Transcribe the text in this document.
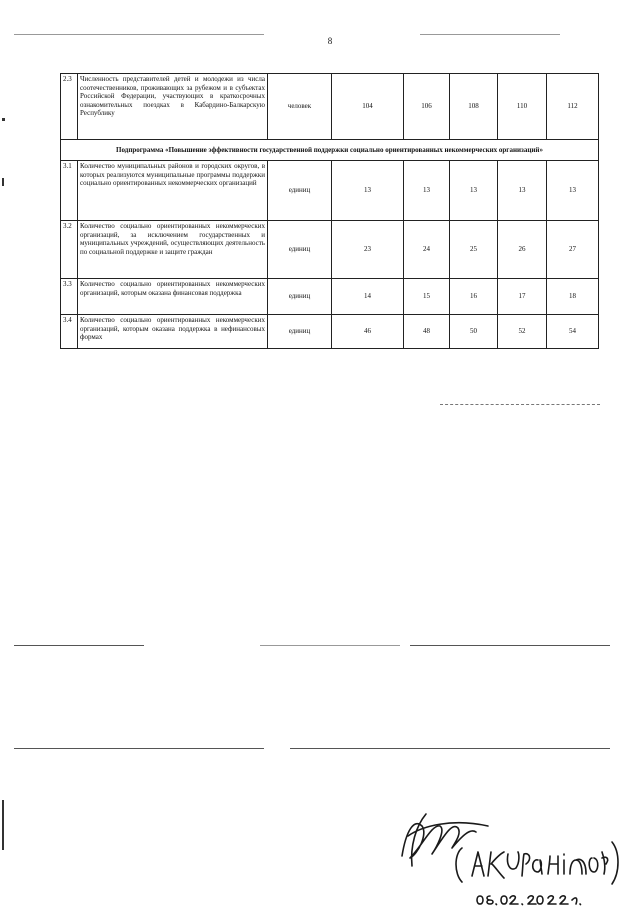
8
2.3	Численность представителей детей и молодежи из числа соотечественников, проживающих за рубежом и в субъектах Российской Федерации, участвующих в краткосрочных ознакомительных поездках в Кабардино-Балкарскую Республику	человек	104	106	108	110	112
Подпрограмма «Повышение эффективности государственной поддержки социально ориентированных некоммерческих организаций»							
3.1	Количество муниципальных районов и городских округов, в которых реализуются муниципальные программы поддержки социально ориентированных некоммерческих организаций	единиц	13	13	13	13	13
3.2	Количество социально ориентированных некоммерческих организаций, за исключением государственных и муниципальных учреждений, осуществляющих деятельность по социальной поддержке и защите граждан	единиц	23	24	25	26	27
3.3	Количество социально ориентированных некоммерческих организаций, которым оказана финансовая поддержка	единиц	14	15	16	17	18
3.4	Количество социально ориентированных некоммерческих организаций, которым оказана поддержка в нефинансовых формах	единиц	46	48	50	52	54
